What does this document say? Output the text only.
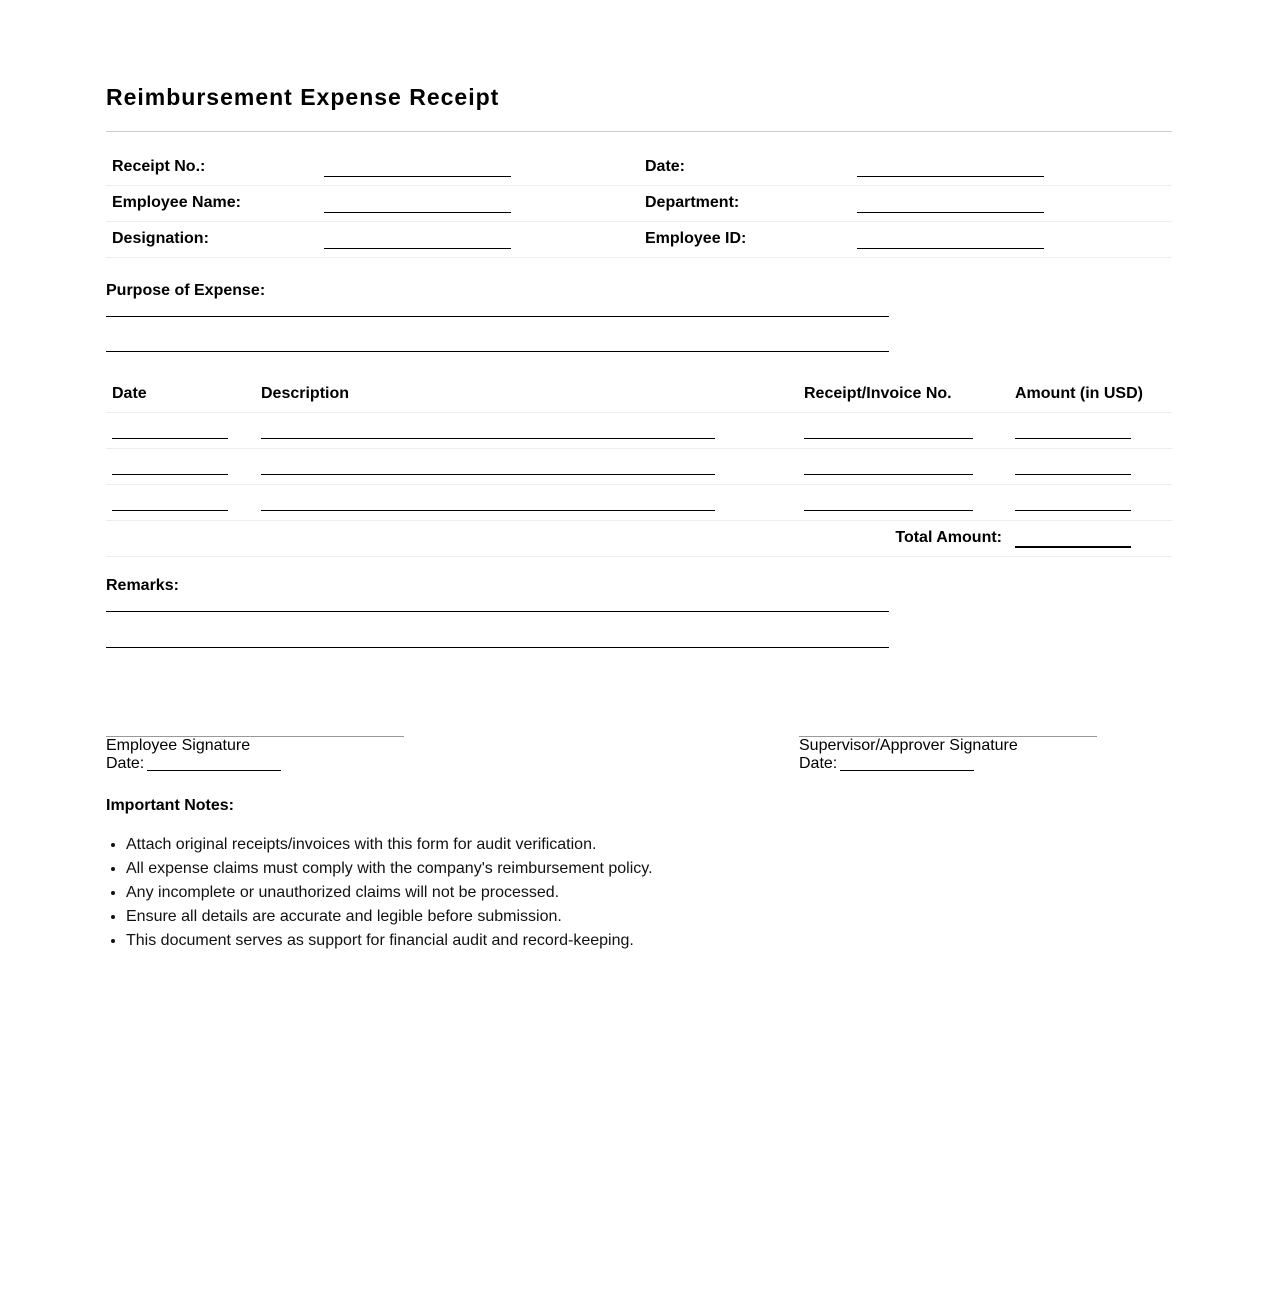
Reimbursement Expense Receipt
Receipt No.:	Date:
Employee Name:	Department:
Designation:	Employee ID:
Purpose of Expense:
Date	Description	Receipt/Invoice No.	Amount (in USD)
Total Amount:
Remarks:
Employee Signature
Date:
Supervisor/Approver Signature
Date:
Important Notes:
• Attach original receipts/invoices with this form for audit verification.
• All expense claims must comply with the company's reimbursement policy.
• Any incomplete or unauthorized claims will not be processed.
• Ensure all details are accurate and legible before submission.
• This document serves as support for financial audit and record-keeping.
